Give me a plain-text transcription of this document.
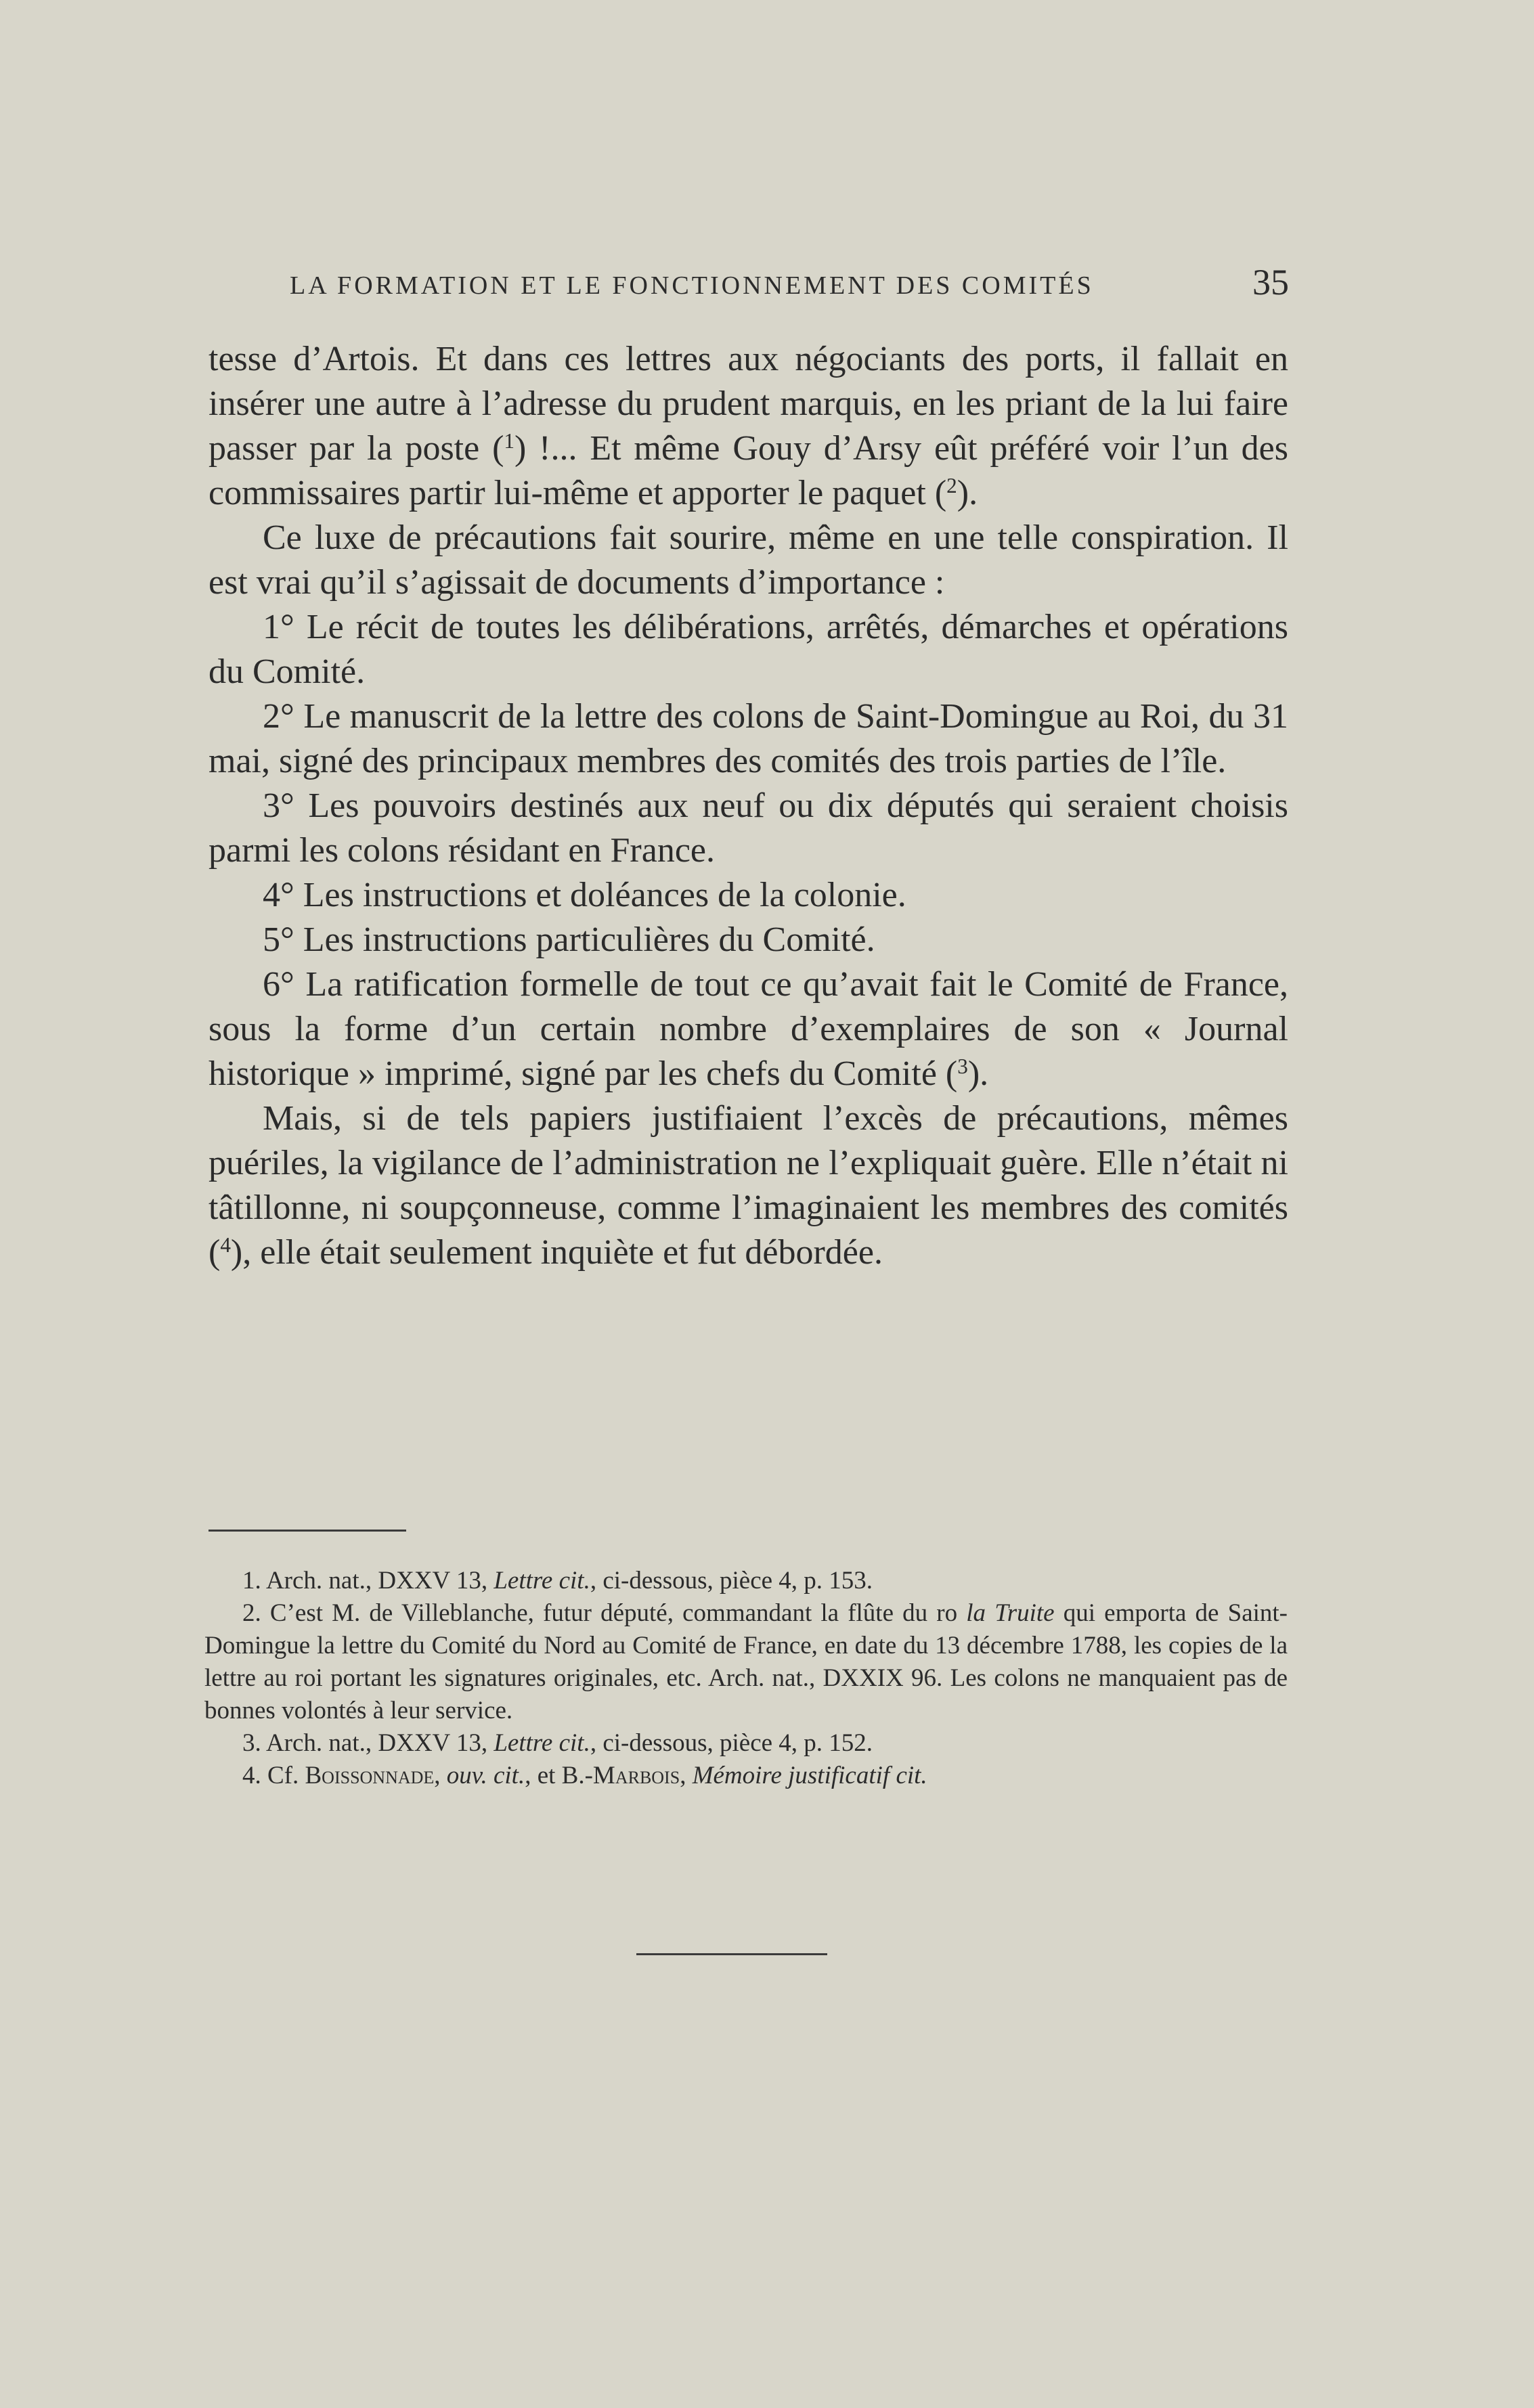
LA FORMATION ET LE FONCTIONNEMENT DES COMITÉS	35

tesse d’Artois. Et dans ces lettres aux négociants des ports, il fallait en insérer une autre à l’adresse du prudent marquis, en les priant de la lui faire passer par la poste ($^1$) !... Et même Gouy d’Arsy eût préféré voir l’un des commissaires partir lui-même et apporter le paquet ($^2$).

Ce luxe de précautions fait sourire, même en une telle conspiration. Il est vrai qu’il s’agissait de documents d’importance :

1° Le récit de toutes les délibérations, arrêtés, démarches et opérations du Comité.

2° Le manuscrit de la lettre des colons de Saint-Domingue au Roi, du 31 mai, signé des principaux membres des comités des trois parties de l’île.

3° Les pouvoirs destinés aux neuf ou dix députés qui seraient choisis parmi les colons résidant en France.

4° Les instructions et doléances de la colonie.

5° Les instructions particulières du Comité.

6° La ratification formelle de tout ce qu’avait fait le Comité de France, sous la forme d’un certain nombre d’exemplaires de son « Journal historique » imprimé, signé par les chefs du Comité ($^3$).

Mais, si de tels papiers justifiaient l’excès de précautions, mêmes puériles, la vigilance de l’administration ne l’expliquait guère. Elle n’était ni tâtillonne, ni soupçonneuse, comme l’imaginaient les membres des comités ($^4$), elle était seulement inquiète et fut débordée.

1. Arch. nat., DXXV 13, Lettre cit., ci-dessous, pièce 4, p. 153.

2. C’est M. de Villeblanche, futur député, commandant la flûte du ro la Truite qui emporta de Saint-Domingue la lettre du Comité du Nord au Comité de France, en date du 13 décembre 1788, les copies de la lettre au roi portant les signatures originales, etc. Arch. nat., DXXIX 96. Les colons ne manquaient pas de bonnes volontés à leur service.

3. Arch. nat., DXXV 13, Lettre cit., ci-dessous, pièce 4, p. 152.

4. Cf. Boissonnade, ouv. cit., et B.-Marbois, Mémoire justificatif cit.
